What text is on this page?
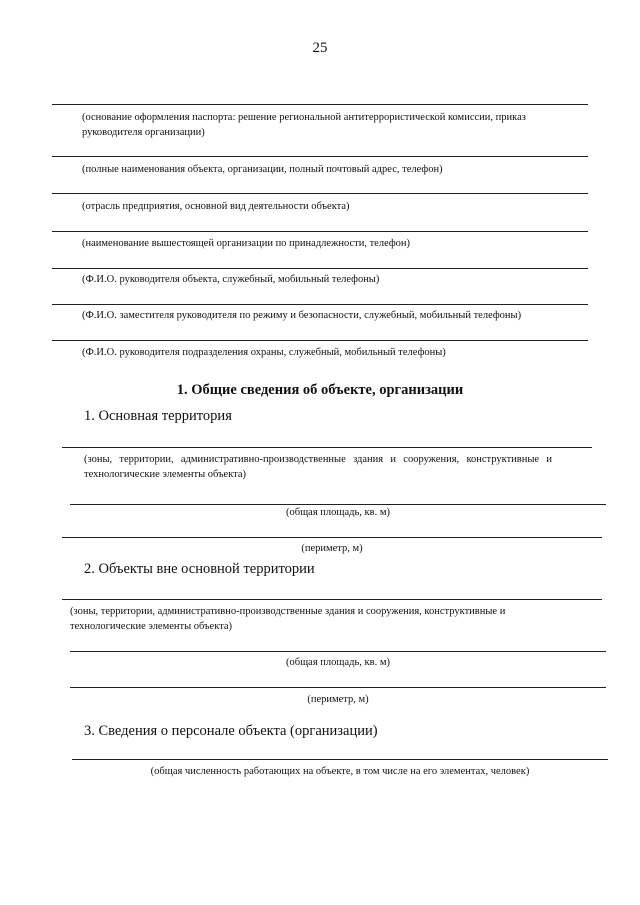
25
(основание оформления паспорта: решение региональной антитеррористической комиссии, приказ руководителя организации)
(полные наименования объекта, организации, полный почтовый адрес, телефон)
(отрасль предприятия, основной вид деятельности объекта)
(наименование вышестоящей организации по принадлежности, телефон)
(Ф.И.О. руководителя объекта, служебный, мобильный телефоны)
(Ф.И.О. заместителя руководителя по режиму и безопасности, служебный, мобильный телефоны)
(Ф.И.О. руководителя подразделения охраны, служебный, мобильный телефоны)
1. Общие сведения об объекте, организации
1. Основная территория
(зоны, территории, административно-производственные здания и сооружения, конструктивные и технологические элементы объекта)
(общая площадь, кв. м)
(периметр, м)
2. Объекты вне основной территории
(зоны, территории, административно-производственные здания и сооружения, конструктивные и технологические элементы объекта)
(общая площадь, кв. м)
(периметр, м)
3. Сведения о персонале объекта (организации)
(общая численность работающих на объекте, в том числе на его элементах, человек)
